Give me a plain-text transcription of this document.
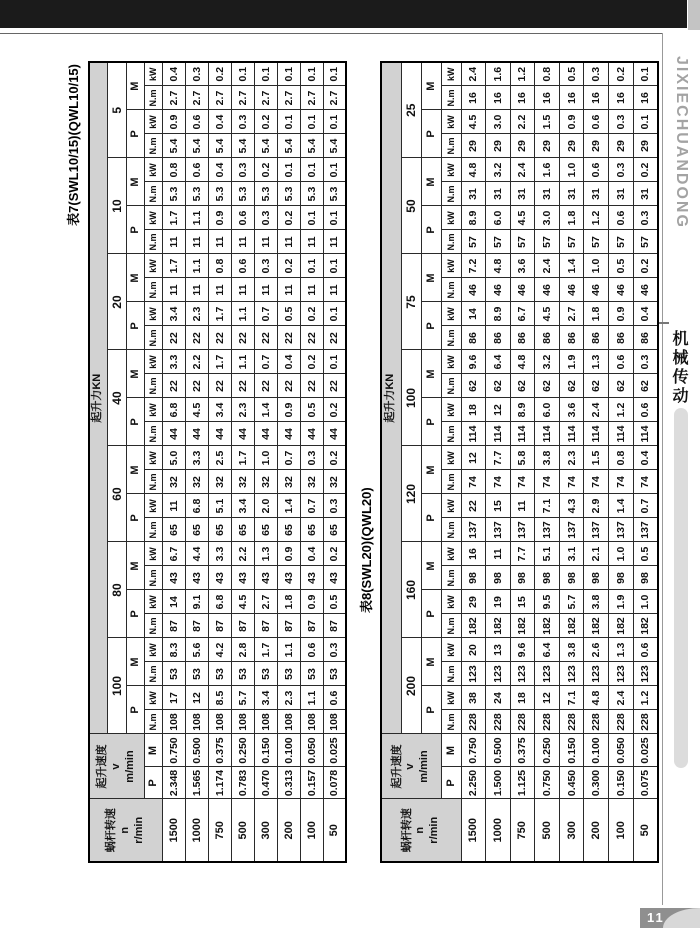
JIXIECHUANDONG
机械传动
11
表7(SWL10/15)(QWL10/15)
蜗杆转速 n r/min	起升速度 v m/min		起升力KN																											
			100				80				60				40				20				10				5			
			P		M		P		M		P		M		P		M		P		M		P		M		P		M	
	P	M	N.m	kW	N.m	kW	N.m	kW	N.m	kW	N.m	kW	N.m	kW	N.m	kW	N.m	kW	N.m	kW	N.m	kW	N.m	kW	N.m	kW	N.m	kW	N.m	kW
1500	2.348	0.750	108	17	53	8.3	87	14	43	6.7	65	11	32	5.0	44	6.8	22	3.3	22	3.4	11	1.7	11	1.7	5.3	0.8	5.4	0.9	2.7	0.4
1000	1.565	0.500	108	12	53	5.6	87	9.1	43	4.4	65	6.8	32	3.3	44	4.5	22	2.2	22	2.3	11	1.1	11	1.1	5.3	0.6	5.4	0.6	2.7	0.3
750	1.174	0.375	108	8.5	53	4.2	87	6.8	43	3.3	65	5.1	32	2.5	44	3.4	22	1.7	22	1.7	11	0.8	11	0.9	5.3	0.4	5.4	0.4	2.7	0.2
500	0.783	0.250	108	5.7	53	2.8	87	4.5	43	2.2	65	3.4	32	1.7	44	2.3	22	1.1	22	1.1	11	0.6	11	0.6	5.3	0.3	5.4	0.3	2.7	0.1
300	0.470	0.150	108	3.4	53	1.7	87	2.7	43	1.3	65	2.0	32	1.0	44	1.4	22	0.7	22	0.7	11	0.3	11	0.3	5.3	0.2	5.4	0.2	2.7	0.1
200	0.313	0.100	108	2.3	53	1.1	87	1.8	43	0.9	65	1.4	32	0.7	44	0.9	22	0.4	22	0.5	11	0.2	11	0.2	5.3	0.1	5.4	0.1	2.7	0.1
100	0.157	0.050	108	1.1	53	0.6	87	0.9	43	0.4	65	0.7	32	0.3	44	0.5	22	0.2	22	0.2	11	0.1	11	0.1	5.3	0.1	5.4	0.1	2.7	0.1
50	0.078	0.025	108	0.6	53	0.3	87	0.5	43	0.2	65	0.3	32	0.2	44	0.2	22	0.1	22	0.1	11	0.1	11	0.1	5.3	0.1	5.4	0.1	2.7	0.1
表8(SWL20)(QWL20)
蜗杆转速 n r/min	起升速度 v m/min		起升力KN																											
			200				160				120				100				75				50				25			
			P		M		P		M		P		M		P		M		P		M		P		M		P		M	
	P	M	N.m	kW	N.m	kW	N.m	kW	N.m	kW	N.m	kW	N.m	kW	N.m	kW	N.m	kW	N.m	kW	N.m	kW	N.m	kW	N.m	kW	N.m	kW	N.m	kW
1500	2.250	0.750	228	38	123	20	182	29	98	16	137	22	74	12	114	18	62	9.6	86	14	46	7.2	57	8.9	31	4.8	29	4.5	16	2.4
1000	1.500	0.500	228	24	123	13	182	19	98	11	137	15	74	7.7	114	12	62	6.4	86	8.9	46	4.8	57	6.0	31	3.2	29	3.0	16	1.6
750	1.125	0.375	228	18	123	9.6	182	15	98	7.7	137	11	74	5.8	114	8.9	62	4.8	86	6.7	46	3.6	57	4.5	31	2.4	29	2.2	16	1.2
500	0.750	0.250	228	12	123	6.4	182	9.5	98	5.1	137	7.1	74	3.8	114	6.0	62	3.2	86	4.5	46	2.4	57	3.0	31	1.6	29	1.5	16	0.8
300	0.450	0.150	228	7.1	123	3.8	182	5.7	98	3.1	137	4.3	74	2.3	114	3.6	62	1.9	86	2.7	46	1.4	57	1.8	31	1.0	29	0.9	16	0.5
200	0.300	0.100	228	4.8	123	2.6	182	3.8	98	2.1	137	2.9	74	1.5	114	2.4	62	1.3	86	1.8	46	1.0	57	1.2	31	0.6	29	0.6	16	0.3
100	0.150	0.050	228	2.4	123	1.3	182	1.9	98	1.0	137	1.4	74	0.8	114	1.2	62	0.6	86	0.9	46	0.5	57	0.6	31	0.3	29	0.3	16	0.2
50	0.075	0.025	228	1.2	123	0.6	182	1.0	98	0.5	137	0.7	74	0.4	114	0.6	62	0.3	86	0.4	46	0.2	57	0.3	31	0.2	29	0.1	16	0.1
